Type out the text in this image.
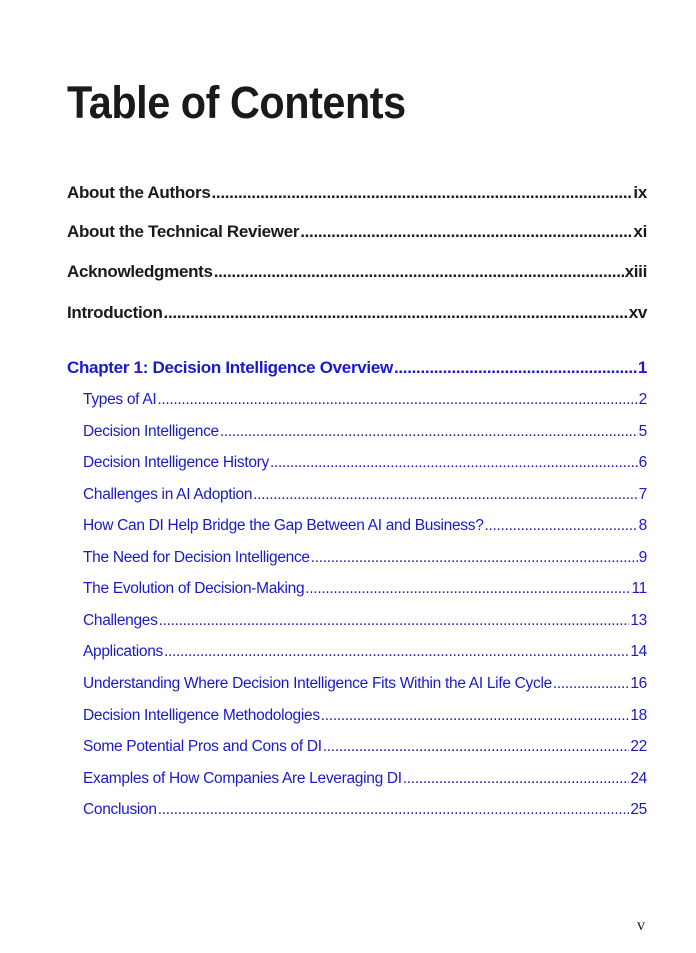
Table of Contents
About the Authors .....	ix
About the Technical Reviewer .....	xi
Acknowledgments .....	xiii
Introduction .....	xv
Chapter 1: Decision Intelligence Overview .....	1
Types of AI .....	2
Decision Intelligence .....	5
Decision Intelligence History .....	6
Challenges in AI Adoption .....	7
How Can DI Help Bridge the Gap Between AI and Business? .....	8
The Need for Decision Intelligence .....	9
The Evolution of Decision-Making .....	11
Challenges .....	13
Applications .....	14
Understanding Where Decision Intelligence Fits Within the AI Life Cycle .....	16
Decision Intelligence Methodologies .....	18
Some Potential Pros and Cons of DI .....	22
Examples of How Companies Are Leveraging DI .....	24
Conclusion .....	25
v
